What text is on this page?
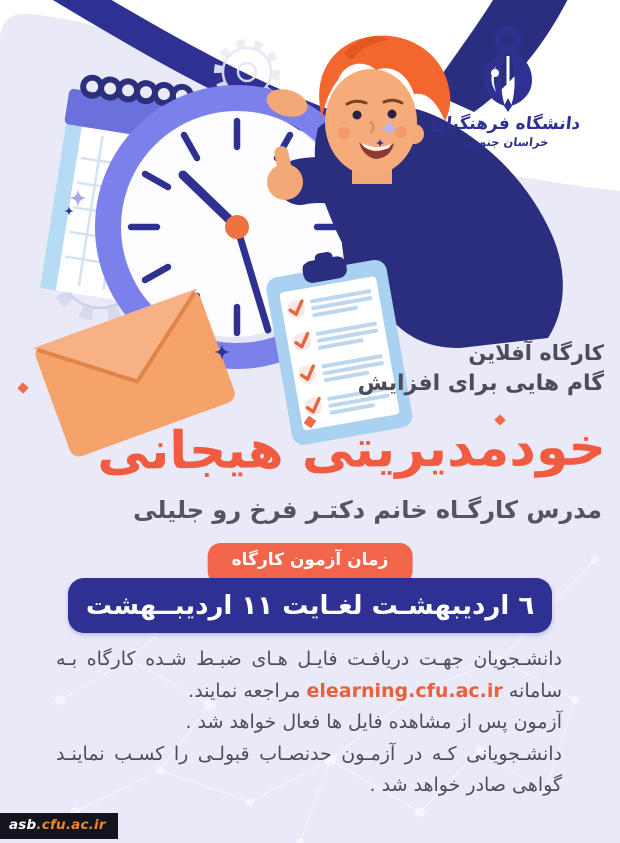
دانشگاه فرهنگیان
خراسان جنوبی
کارگاه آفلاین
گام هایی برای افزایش
خودمدیریتی هیجانی
مدرس کارگـاه خانم دکتـر فرخ رو جلیلی
زمان آزمون کارگاه
٦ اردیبهشـت لغـایت ۱۱ اردیبــهشت
دانشـجویان جهـت دریافـت فایـل هـای ضبـط شـده کارگاه بـه
سامانه elearning.cfu.ac.ir مراجعه نمایند.
آزمون پس از مشاهده فایل ها فعال خواهد شد .
دانشـجویانی کـه در آزمـون حدنصـاب قبولـی را کسـب نماینـد
گواهی صادر خواهد شد .
asb.cfu.ac.ir
